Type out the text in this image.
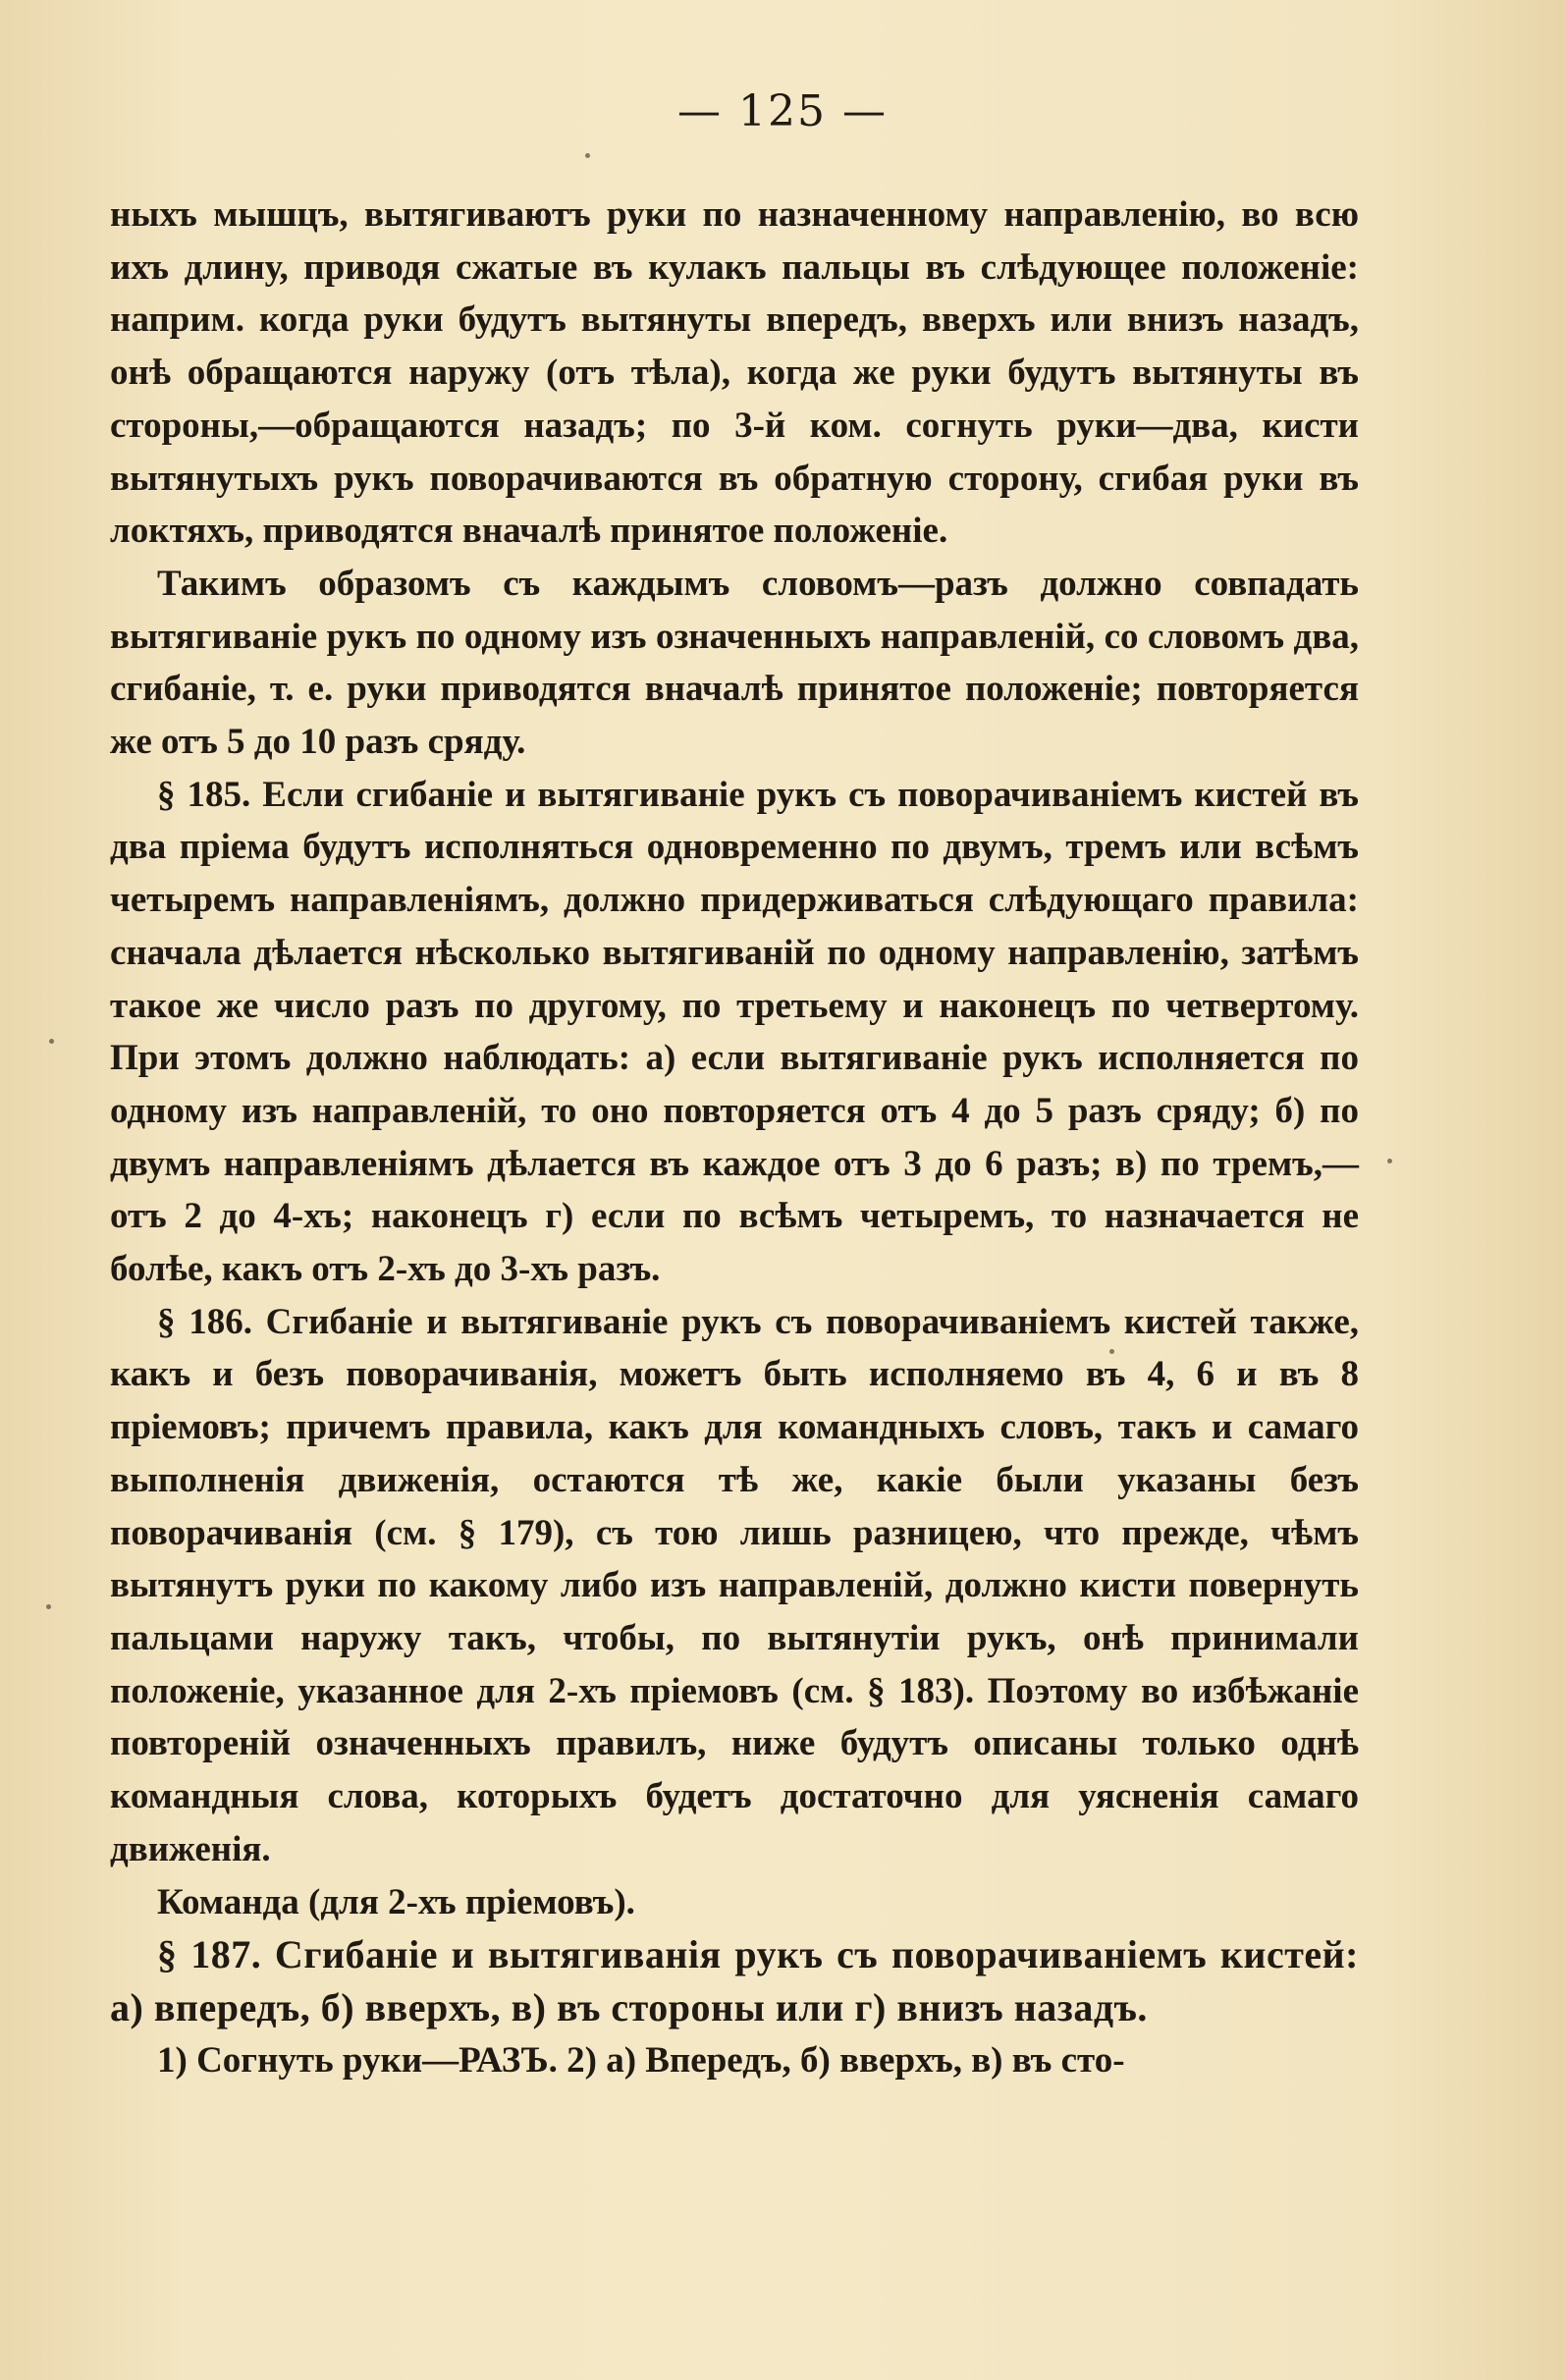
— 125 —

ныхъ мышцъ, вытягиваютъ руки по назначенному направленію, во всю ихъ длину, приводя сжатые въ кулакъ пальцы въ слѣдующее положеніе: наприм. когда руки будутъ вытянуты впередъ, вверхъ или внизъ назадъ, онѣ обращаются наружу (отъ тѣла), когда же руки будутъ вытянуты въ стороны,—обращаются назадъ; по 3-й ком. согнуть руки—два, кисти вытянутыхъ рукъ поворачиваются въ обратную сторону, сгибая руки въ локтяхъ, приводятся вначалѣ принятое положеніе.

Такимъ образомъ съ каждымъ словомъ—разъ должно совпадать вытягиваніе рукъ по одному изъ означенныхъ направленій, со словомъ два, сгибаніе, т. е. руки приводятся вначалѣ принятое положеніе; повторяется же отъ 5 до 10 разъ сряду.

§ 185. Если сгибаніе и вытягиваніе рукъ съ поворачиваніемъ кистей въ два пріема будутъ исполняться одновременно по двумъ, тремъ или всѣмъ четыремъ направленіямъ, должно придерживаться слѣдующаго правила: сначала дѣлается нѣсколько вытягиваній по одному направленію, затѣмъ такое же число разъ по другому, по третьему и наконецъ по четвертому. При этомъ должно наблюдать: а) если вытягиваніе рукъ исполняется по одному изъ направленій, то оно повторяется отъ 4 до 5 разъ сряду; б) по двумъ направленіямъ дѣлается въ каждое отъ 3 до 6 разъ; в) по тремъ,—отъ 2 до 4-хъ; наконецъ г) если по всѣмъ четыремъ, то назначается не болѣе, какъ отъ 2-хъ до 3-хъ разъ.

§ 186. Сгибаніе и вытягиваніе рукъ съ поворачиваніемъ кистей также, какъ и безъ поворачиванія, можетъ быть исполняемо въ 4, 6 и въ 8 пріемовъ; причемъ правила, какъ для командныхъ словъ, такъ и самаго выполненія движенія, остаются тѣ же, какіе были указаны безъ поворачиванія (см. § 179), съ тою лишь разницею, что прежде, чѣмъ вытянутъ руки по какому либо изъ направленій, должно кисти повернуть пальцами наружу такъ, чтобы, по вытянутіи рукъ, онѣ принимали положеніе, указанное для 2-хъ пріемовъ (см. § 183). Поэтому во избѣжаніе повтореній означенныхъ правилъ, ниже будутъ описаны только однѣ командныя слова, которыхъ будетъ достаточно для уясненія самаго движенія.

Команда (для 2-хъ пріемовъ).

§ 187. Сгибаніе и вытягиванія рукъ съ поворачиваніемъ кистей: а) впередъ, б) вверхъ, в) въ стороны или г) внизъ назадъ.

1) Согнуть руки—РАЗЪ. 2) а) Впередъ, б) вверхъ, в) въ сто-
